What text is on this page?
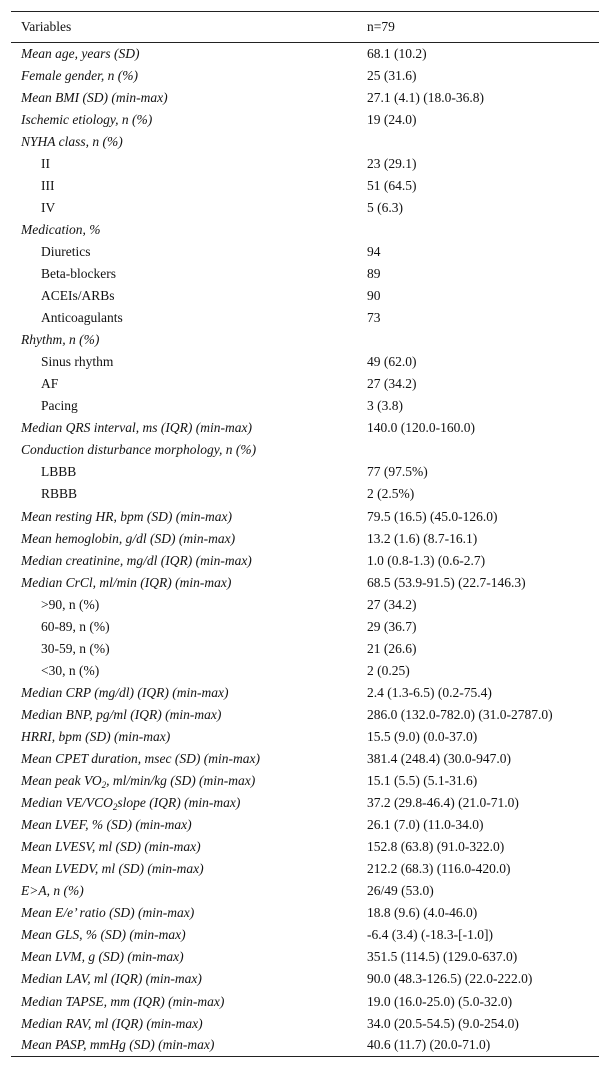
Variables	n=79
Mean age, years (SD)	68.1 (10.2)
Female gender, n (%)	25 (31.6)
Mean BMI (SD) (min-max)	27.1 (4.1) (18.0-36.8)
Ischemic etiology, n (%)	19 (24.0)
NYHA class, n (%)	
II	23 (29.1)
III	51 (64.5)
IV	5 (6.3)
Medication, %	
Diuretics	94
Beta-blockers	89
ACEIs/ARBs	90
Anticoagulants	73
Rhythm, n (%)	
Sinus rhythm	49 (62.0)
AF	27 (34.2)
Pacing	3 (3.8)
Median QRS interval, ms (IQR) (min-max)	140.0 (120.0-160.0)
Conduction disturbance morphology, n (%)	
LBBB	77 (97.5%)
RBBB	2 (2.5%)
Mean resting HR, bpm (SD) (min-max)	79.5 (16.5) (45.0-126.0)
Mean hemoglobin, g/dl (SD) (min-max)	13.2 (1.6) (8.7-16.1)
Median creatinine, mg/dl (IQR) (min-max)	1.0 (0.8-1.3) (0.6-2.7)
Median CrCl, ml/min (IQR) (min-max)	68.5 (53.9-91.5) (22.7-146.3)
>90, n (%)	27 (34.2)
60-89, n (%)	29 (36.7)
30-59, n (%)	21 (26.6)
<30, n (%)	2 (0.25)
Median CRP (mg/dl) (IQR) (min-max)	2.4 (1.3-6.5) (0.2-75.4)
Median BNP, pg/ml (IQR) (min-max)	286.0 (132.0-782.0) (31.0-2787.0)
HRRI, bpm (SD) (min-max)	15.5 (9.0) (0.0-37.0)
Mean CPET duration, msec (SD) (min-max)	381.4 (248.4) (30.0-947.0)
Mean peak $VO_2$, ml/min/kg (SD) (min-max)	15.1 (5.5) (5.1-31.6)
Median $VE/VCO_2slope$ (IQR) (min-max)	37.2 (29.8-46.4) (21.0-71.0)
Mean LVEF, % (SD) (min-max)	26.1 (7.0) (11.0-34.0)
Mean LVESV, ml (SD) (min-max)	152.8 (63.8) (91.0-322.0)
Mean LVEDV, ml (SD) (min-max)	212.2 (68.3) (116.0-420.0)
E>A, n (%)	26/49 (53.0)
Mean E/e’ ratio (SD) (min-max)	18.8 (9.6) (4.0-46.0)
Mean GLS, % (SD) (min-max)	-6.4 (3.4) (-18.3-[-1.0])
Mean LVM, g (SD) (min-max)	351.5 (114.5) (129.0-637.0)
Median LAV, ml (IQR) (min-max)	90.0 (48.3-126.5) (22.0-222.0)
Median TAPSE, mm (IQR) (min-max)	19.0 (16.0-25.0) (5.0-32.0)
Median RAV, ml (IQR) (min-max)	34.0 (20.5-54.5) (9.0-254.0)
Mean PASP, mmHg (SD) (min-max)	40.6 (11.7) (20.0-71.0)
